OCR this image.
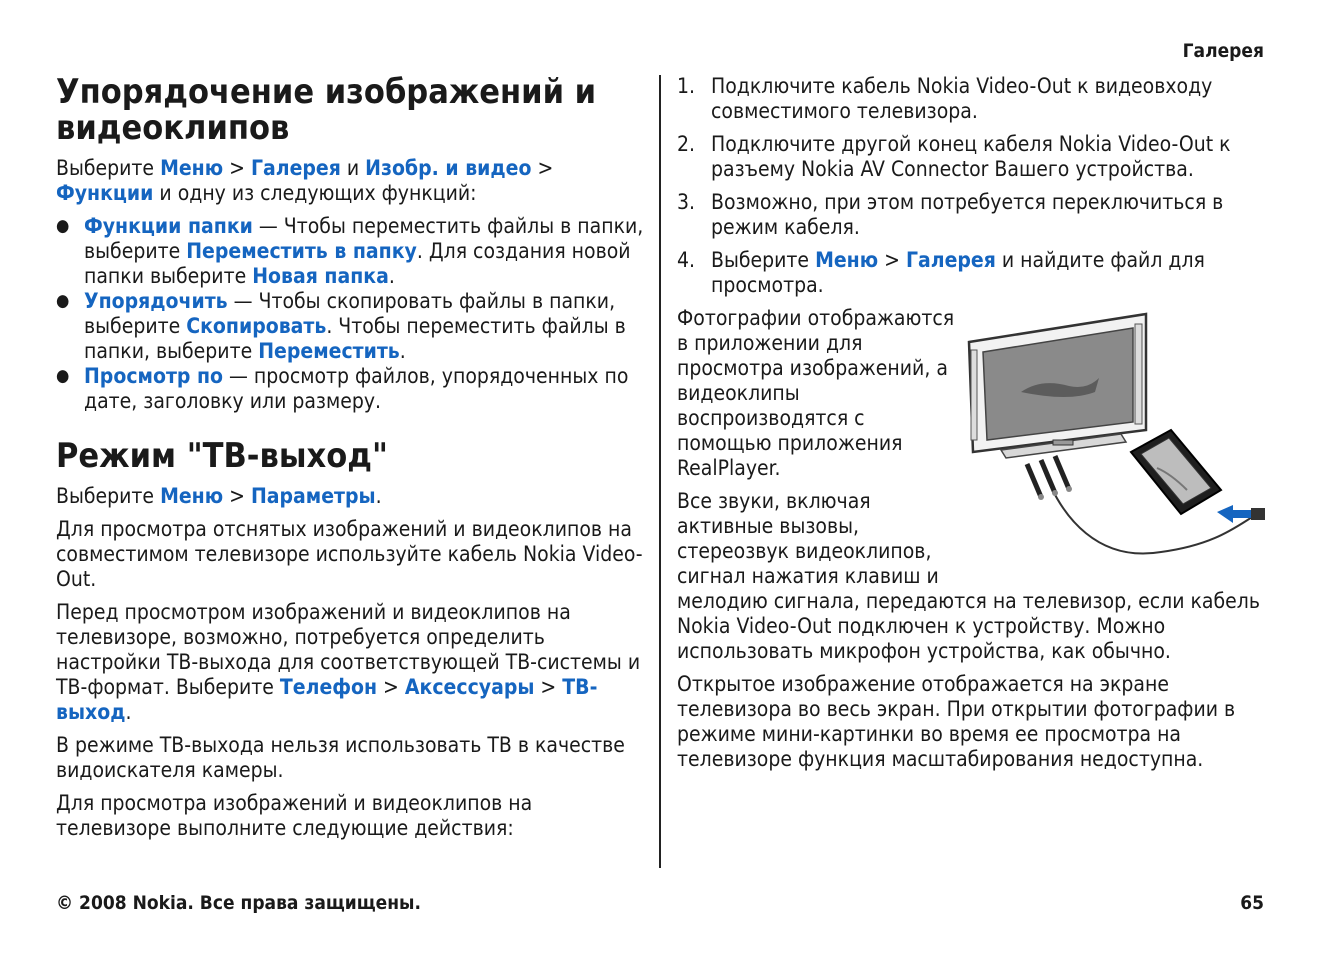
Галерея
Упорядочение изображений и видеоклипов

Выберите Меню > Галерея и Изобр. и видео > Функции и одну из следующих функций:

● Функции папки — Чтобы переместить файлы в папки, выберите Переместить в папку. Для создания новой папки выберите Новая папка.
● Упорядочить — Чтобы скопировать файлы в папки, выберите Скопировать. Чтобы переместить файлы в папки, выберите Переместить.
● Просмотр по — просмотр файлов, упорядоченных по дате, заголовку или размеру.
Режим "ТВ-выход"

Выберите Меню > Параметры.

Для просмотра отснятых изображений и видеоклипов на совместимом телевизоре используйте кабель Nokia Video-Out.

Перед просмотром изображений и видеоклипов на телевизоре, возможно, потребуется определить настройки ТВ-выхода для соответствующей ТВ-системы и ТВ-формат. Выберите Телефон > Аксессуары > ТВ-выход.

В режиме ТВ-выхода нельзя использовать ТВ в качестве видоискателя камеры.

Для просмотра изображений и видеоклипов на телевизоре выполните следующие действия:

1. Подключите кабель Nokia Video-Out к видеовходу совместимого телевизора.
2. Подключите другой конец кабеля Nokia Video-Out к разъему Nokia AV Connector Вашего устройства.
3. Возможно, при этом потребуется переключиться в режим кабеля.
4. Выберите Меню > Галерея и найдите файл для просмотра.

Фотографии отображаются в приложении для просмотра изображений, а видеоклипы воспроизводятся с помощью приложения RealPlayer.

Все звуки, включая активные вызовы, стереозвук видеоклипов, сигнал нажатия клавиш и мелодию сигнала, передаются на телевизор, если кабель Nokia Video-Out подключен к устройству. Можно использовать микрофон устройства, как обычно.

Открытое изображение отображается на экране телевизора во весь экран. При открытии фотографии в режиме мини-картинки во время ее просмотра на телевизоре функция масштабирования недоступна.

© 2008 Nokia. Все права защищены.	65
